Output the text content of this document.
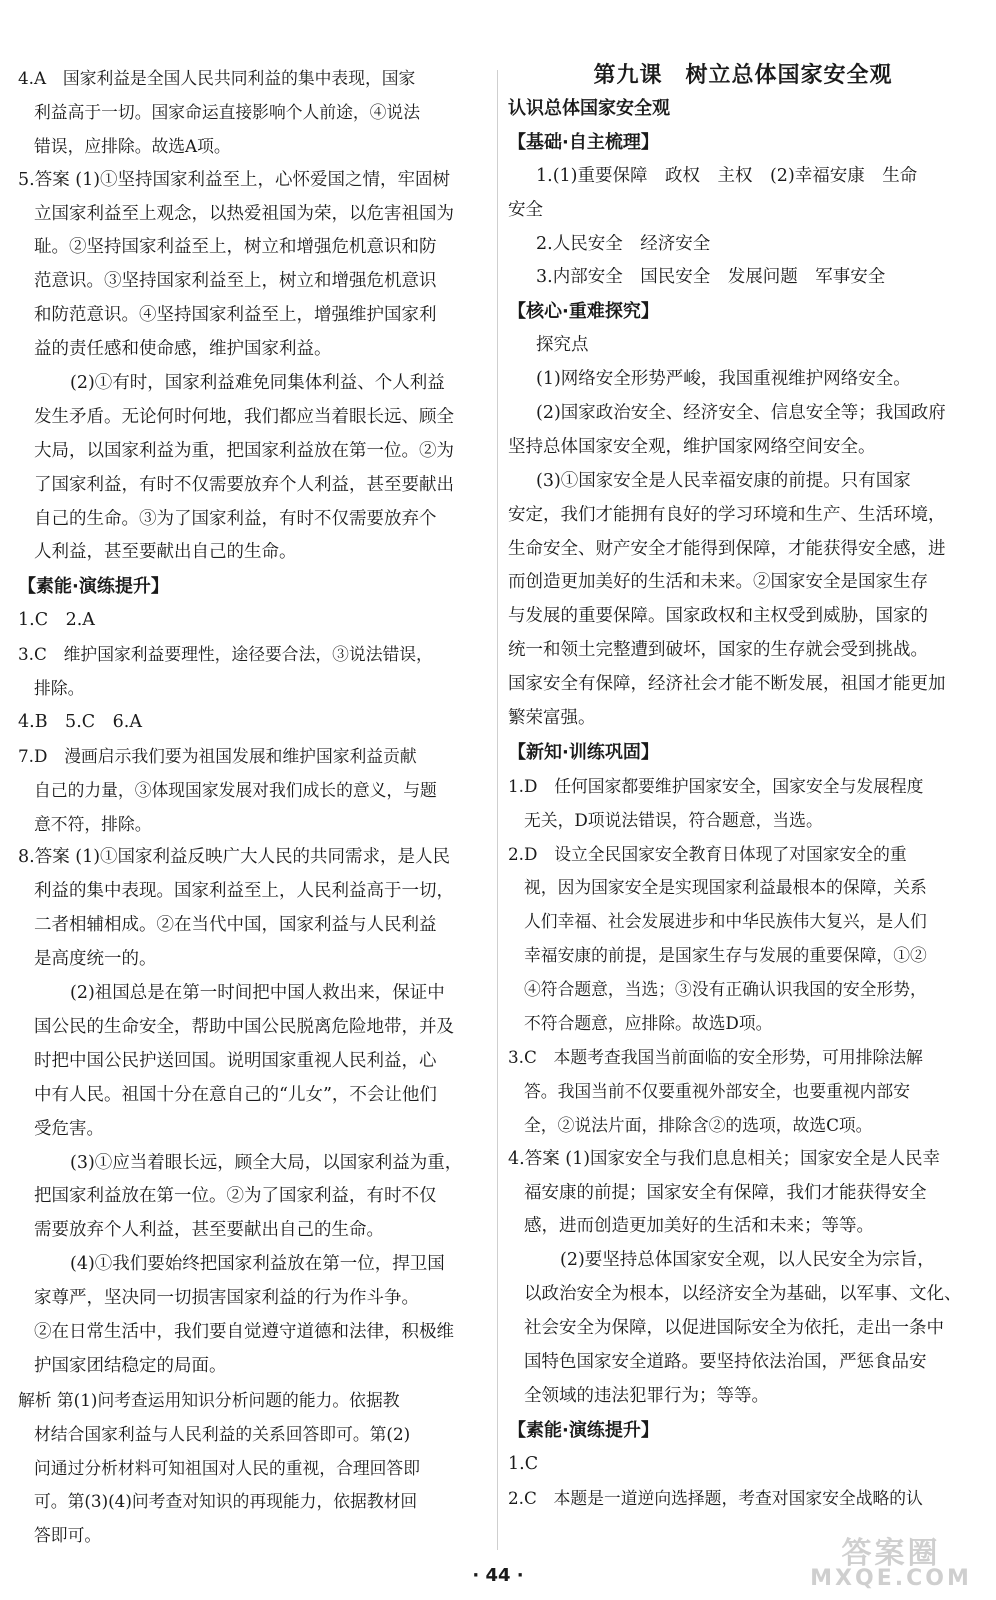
4.A　国家利益是全国人民共同利益的集中表现，国家
利益高于一切。国家命运直接影响个人前途，④说法
错误，应排除。故选A项。
5.答案 (1)①坚持国家利益至上，心怀爱国之情，牢固树
立国家利益至上观念，以热爱祖国为荣，以危害祖国为
耻。②坚持国家利益至上，树立和增强危机意识和防
范意识。③坚持国家利益至上，树立和增强危机意识
和防范意识。④坚持国家利益至上，增强维护国家利
益的责任感和使命感，维护国家利益。
(2)①有时，国家利益难免同集体利益、个人利益
发生矛盾。无论何时何地，我们都应当着眼长远、顾全
大局，以国家利益为重，把国家利益放在第一位。②为
了国家利益，有时不仅需要放弃个人利益，甚至要献出
自己的生命。③为了国家利益，有时不仅需要放弃个
人利益，甚至要献出自己的生命。
【素能·演练提升】
1.C　2.A
3.C　维护国家利益要理性，途径要合法，③说法错误，
排除。
4.B　5.C　6.A
7.D　漫画启示我们要为祖国发展和维护国家利益贡献
自己的力量，③体现国家发展对我们成长的意义，与题
意不符，排除。
8.答案 (1)①国家利益反映广大人民的共同需求，是人民
利益的集中表现。国家利益至上，人民利益高于一切，
二者相辅相成。②在当代中国，国家利益与人民利益
是高度统一的。
(2)祖国总是在第一时间把中国人救出来，保证中
国公民的生命安全，帮助中国公民脱离危险地带，并及
时把中国公民护送回国。说明国家重视人民利益，心
中有人民。祖国十分在意自己的“儿女”，不会让他们
受危害。
(3)①应当着眼长远，顾全大局，以国家利益为重，
把国家利益放在第一位。②为了国家利益，有时不仅
需要放弃个人利益，甚至要献出自己的生命。
(4)①我们要始终把国家利益放在第一位，捍卫国
家尊严，坚决同一切损害国家利益的行为作斗争。
②在日常生活中，我们要自觉遵守道德和法律，积极维
护国家团结稳定的局面。
解析 第(1)问考查运用知识分析问题的能力。依据教
材结合国家利益与人民利益的关系回答即可。第(2)
问通过分析材料可知祖国对人民的重视，合理回答即
可。第(3)(4)问考查对知识的再现能力，依据教材回
答即可。
第九课　树立总体国家安全观
认识总体国家安全观
【基础·自主梳理】
1.(1)重要保障　政权　主权　(2)幸福安康　生命
安全
2.人民安全　经济安全
3.内部安全　国民安全　发展问题　军事安全
【核心·重难探究】
探究点
(1)网络安全形势严峻，我国重视维护网络安全。
(2)国家政治安全、经济安全、信息安全等；我国政府
坚持总体国家安全观，维护国家网络空间安全。
(3)①国家安全是人民幸福安康的前提。只有国家
安定，我们才能拥有良好的学习环境和生产、生活环境，
生命安全、财产安全才能得到保障，才能获得安全感，进
而创造更加美好的生活和未来。②国家安全是国家生存
与发展的重要保障。国家政权和主权受到威胁，国家的
统一和领土完整遭到破坏，国家的生存就会受到挑战。
国家安全有保障，经济社会才能不断发展，祖国才能更加
繁荣富强。
【新知·训练巩固】
1.D　任何国家都要维护国家安全，国家安全与发展程度
无关，D项说法错误，符合题意，当选。
2.D　设立全民国家安全教育日体现了对国家安全的重
视，因为国家安全是实现国家利益最根本的保障，关系
人们幸福、社会发展进步和中华民族伟大复兴，是人们
幸福安康的前提，是国家生存与发展的重要保障，①②
④符合题意，当选；③没有正确认识我国的安全形势，
不符合题意，应排除。故选D项。
3.C　本题考查我国当前面临的安全形势，可用排除法解
答。我国当前不仅要重视外部安全，也要重视内部安
全，②说法片面，排除含②的选项，故选C项。
4.答案 (1)国家安全与我们息息相关；国家安全是人民幸
福安康的前提；国家安全有保障，我们才能获得安全
感，进而创造更加美好的生活和未来；等等。
(2)要坚持总体国家安全观，以人民安全为宗旨，
以政治安全为根本，以经济安全为基础，以军事、文化、
社会安全为保障，以促进国际安全为依托，走出一条中
国特色国家安全道路。要坚持依法治国，严惩食品安
全领域的违法犯罪行为；等等。
【素能·演练提升】
1.C
2.C　本题是一道逆向选择题，考查对国家安全战略的认
· 44 ·
答案圈
MXQE.COM
